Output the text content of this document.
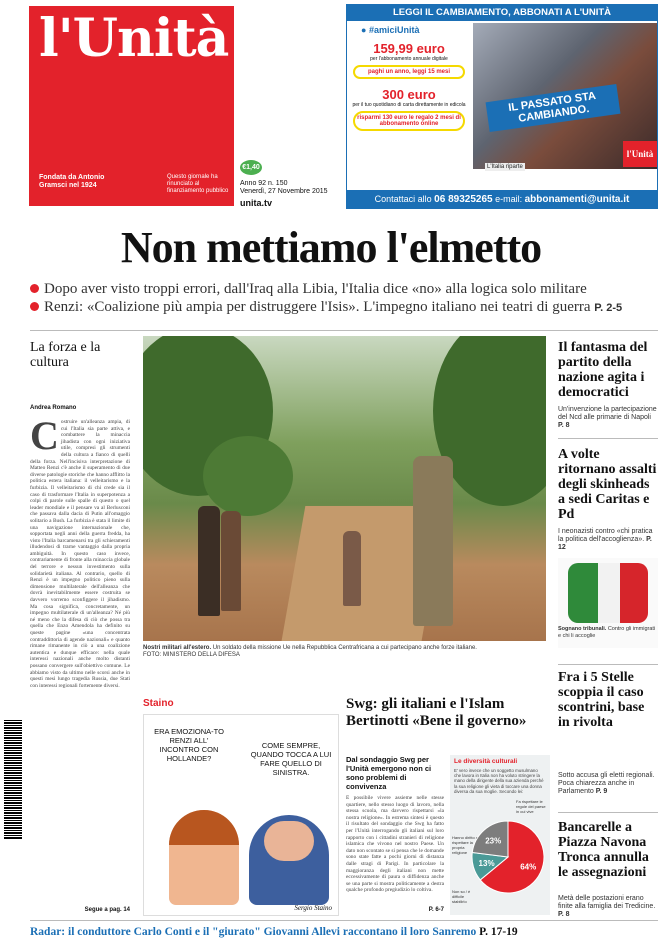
l'Unità
Fondata da Antonio Gramsci nel 1924
Questo giornale ha rinunciato al finanziamento pubblico
€1,40
Anno 92 n. 150
Venerdì, 27 Novembre 2015
unita.tv
LEGGI IL CAMBIAMENTO, ABBONATI A L'UNITÀ
● #amiciUnità
159,99 euro
per l'abbonamento annuale digitale
paghi un anno, leggi 15 mesi
300 euro
per il tuo quotidiano di carta direttamente in edicola
risparmi 130 euro le regalo 2 mesi di abbonamento online
IL PASSATO STA CAMBIANDO.
l'Unità
L'Italia riparte
Contattaci allo 06 89325265 e-mail: abbonamenti@unita.it
Non mettiamo l'elmetto
Dopo aver visto troppi errori, dall'Iraq alla Libia, l'Italia dice «no» alla logica solo militare
Renzi: «Coalizione più ampia per distruggere l'Isis». L'impegno italiano nei teatri di guerra P. 2-5
La forza e la cultura
Andrea Romano
Costruire un'alleanza ampia, di cui l'Italia sia parte attiva, e combattere la minaccia jihadista con ogni iniziativa utile, compresi gli strumenti della cultura a fianco di quelli della forza. Nell'incisiva interpretazione di Matteo Renzi c'è anche il superamento di due diverse patologie storiche che hanno afflitto la politica estera italiana: il velleitarismo e la furbizia. Il velleitarismo di chi crede sia il caso di trasformare l'Italia in superpotenza a colpi di parole sulle spalle di questo o quel leader mondiale e il pensare va al Berlusconi che passava dalla dacia di Putin all'omaggio solitario a Bush. La furbizia è stata il limite di una navigazione internazionale che, sopportata negli anni della guerra fredda, ha visto l'Italia barcamenarsi tra gli schieramenti illudendosi di trarne vantaggio dalla propria ambiguità. In questo caso invece, contrariamente di fronte alla minaccia globale del terrore e nessun investimento sulla solidarietà italiana. Al contrario, quello di Renzi è un impegno politico pieno sulla dimensione multilaterale dell'alleanza che dovrà inevitabilmente essere costruita se davvero vorremo sconfiggere il jihadismo. Ma cosa significa, concretamente, un impegno multilaterale di un'alleanza? Né più né meno che la difesa di ciò che possa tra quella che Enzo Amendola ha definito su queste pagine «una concentrata contraddittoria di agende nazionali» e quanto rimane rimanente in ciò a una coalizione autentica e dunque efficace: nella quale interessi nazionali anche molto distanti possano convergere sull'obiettivo comune. Le abbiamo visto da ultimo nelle scorsi anche in questi mesi lungo tragedia Russia, due Stati con interessi regionali fortemente diversi.
Segue a pag. 14
Nostri militari all'estero. Un soldato della missione Ue nella Repubblica Centrafricana a cui partecipano anche forze italiane.
FOTO: MINISTERO DELLA DIFESA
Il fantasma del partito della nazione agita i democratici
Un'invenzione la partecipazione del Ncd alle primarie di Napoli P. 8
A volte ritornano assalti degli skinheads a sedi Caritas e Pd
I neonazisti contro «chi pratica la politica dell'accoglienza». P. 12
Sognano tribunali. Contro gli immigrati e chi li accoglie
Staino
ERA EMOZIONA-TO RENZI ALL' INCONTRO CON HOLLANDE?
COME SEMPRE, QUANDO TOCCA A LUI FARE QUELLO DI SINISTRA.
Sergio Staino
Swg: gli italiani e l'Islam Bertinotti «Bene il governo»
Dal sondaggio Swg per l'Unità emergono non ci sono problemi di convivenza
È possibile vivere assieme nelle stesse quartiere, nello stesso luogo di lavoro, nella stessa scuola, ma davvero rispettarsi «la nostra religione». In estrema sintesi è questo il risultato del sondaggio che Swg ha fatto per l'Unità interrogando gli italiani sul loro rapporto con i cittadini stranieri di religione islamica che vivono nel nostro Paese. Un dato non scontato se si pensa che le domande sono state fatte a pochi giorni di distanza dalle stragi di Parigi. In particolare la maggioranza degli italiani non mette eccessivamente di paura o diffidenza anche se una parte si mostra politicamente a destra qualche profondo pregiudizio lo coltiva.
P. 6-7
Le diversità culturali
E' vero invece che un soggetto musulmano che lavora in Italia non ha voluto stringere la mano della dirigente della sua azienda perché la sua religione gli vieta di toccare una donna diversa da sua moglie. Secondo lei:
64%
Fa rispettare le regole del paese in cui vive
13%
Hanno diritto a rispettare la propria religione
23%
Non so / è difficile stabilirlo
Fra i 5 Stelle scoppia il caso scontrini, base in rivolta
Sotto accusa gli eletti regionali. Poca chiarezza anche in Parlamento P. 9
Bancarelle a Piazza Navona Tronca annulla le assegnazioni
Metà delle postazioni erano finite alla famiglia dei Tredicine. P. 8
Radar: il conduttore Carlo Conti e il "giurato" Giovanni Allevi raccontano il loro Sanremo P. 17-19
